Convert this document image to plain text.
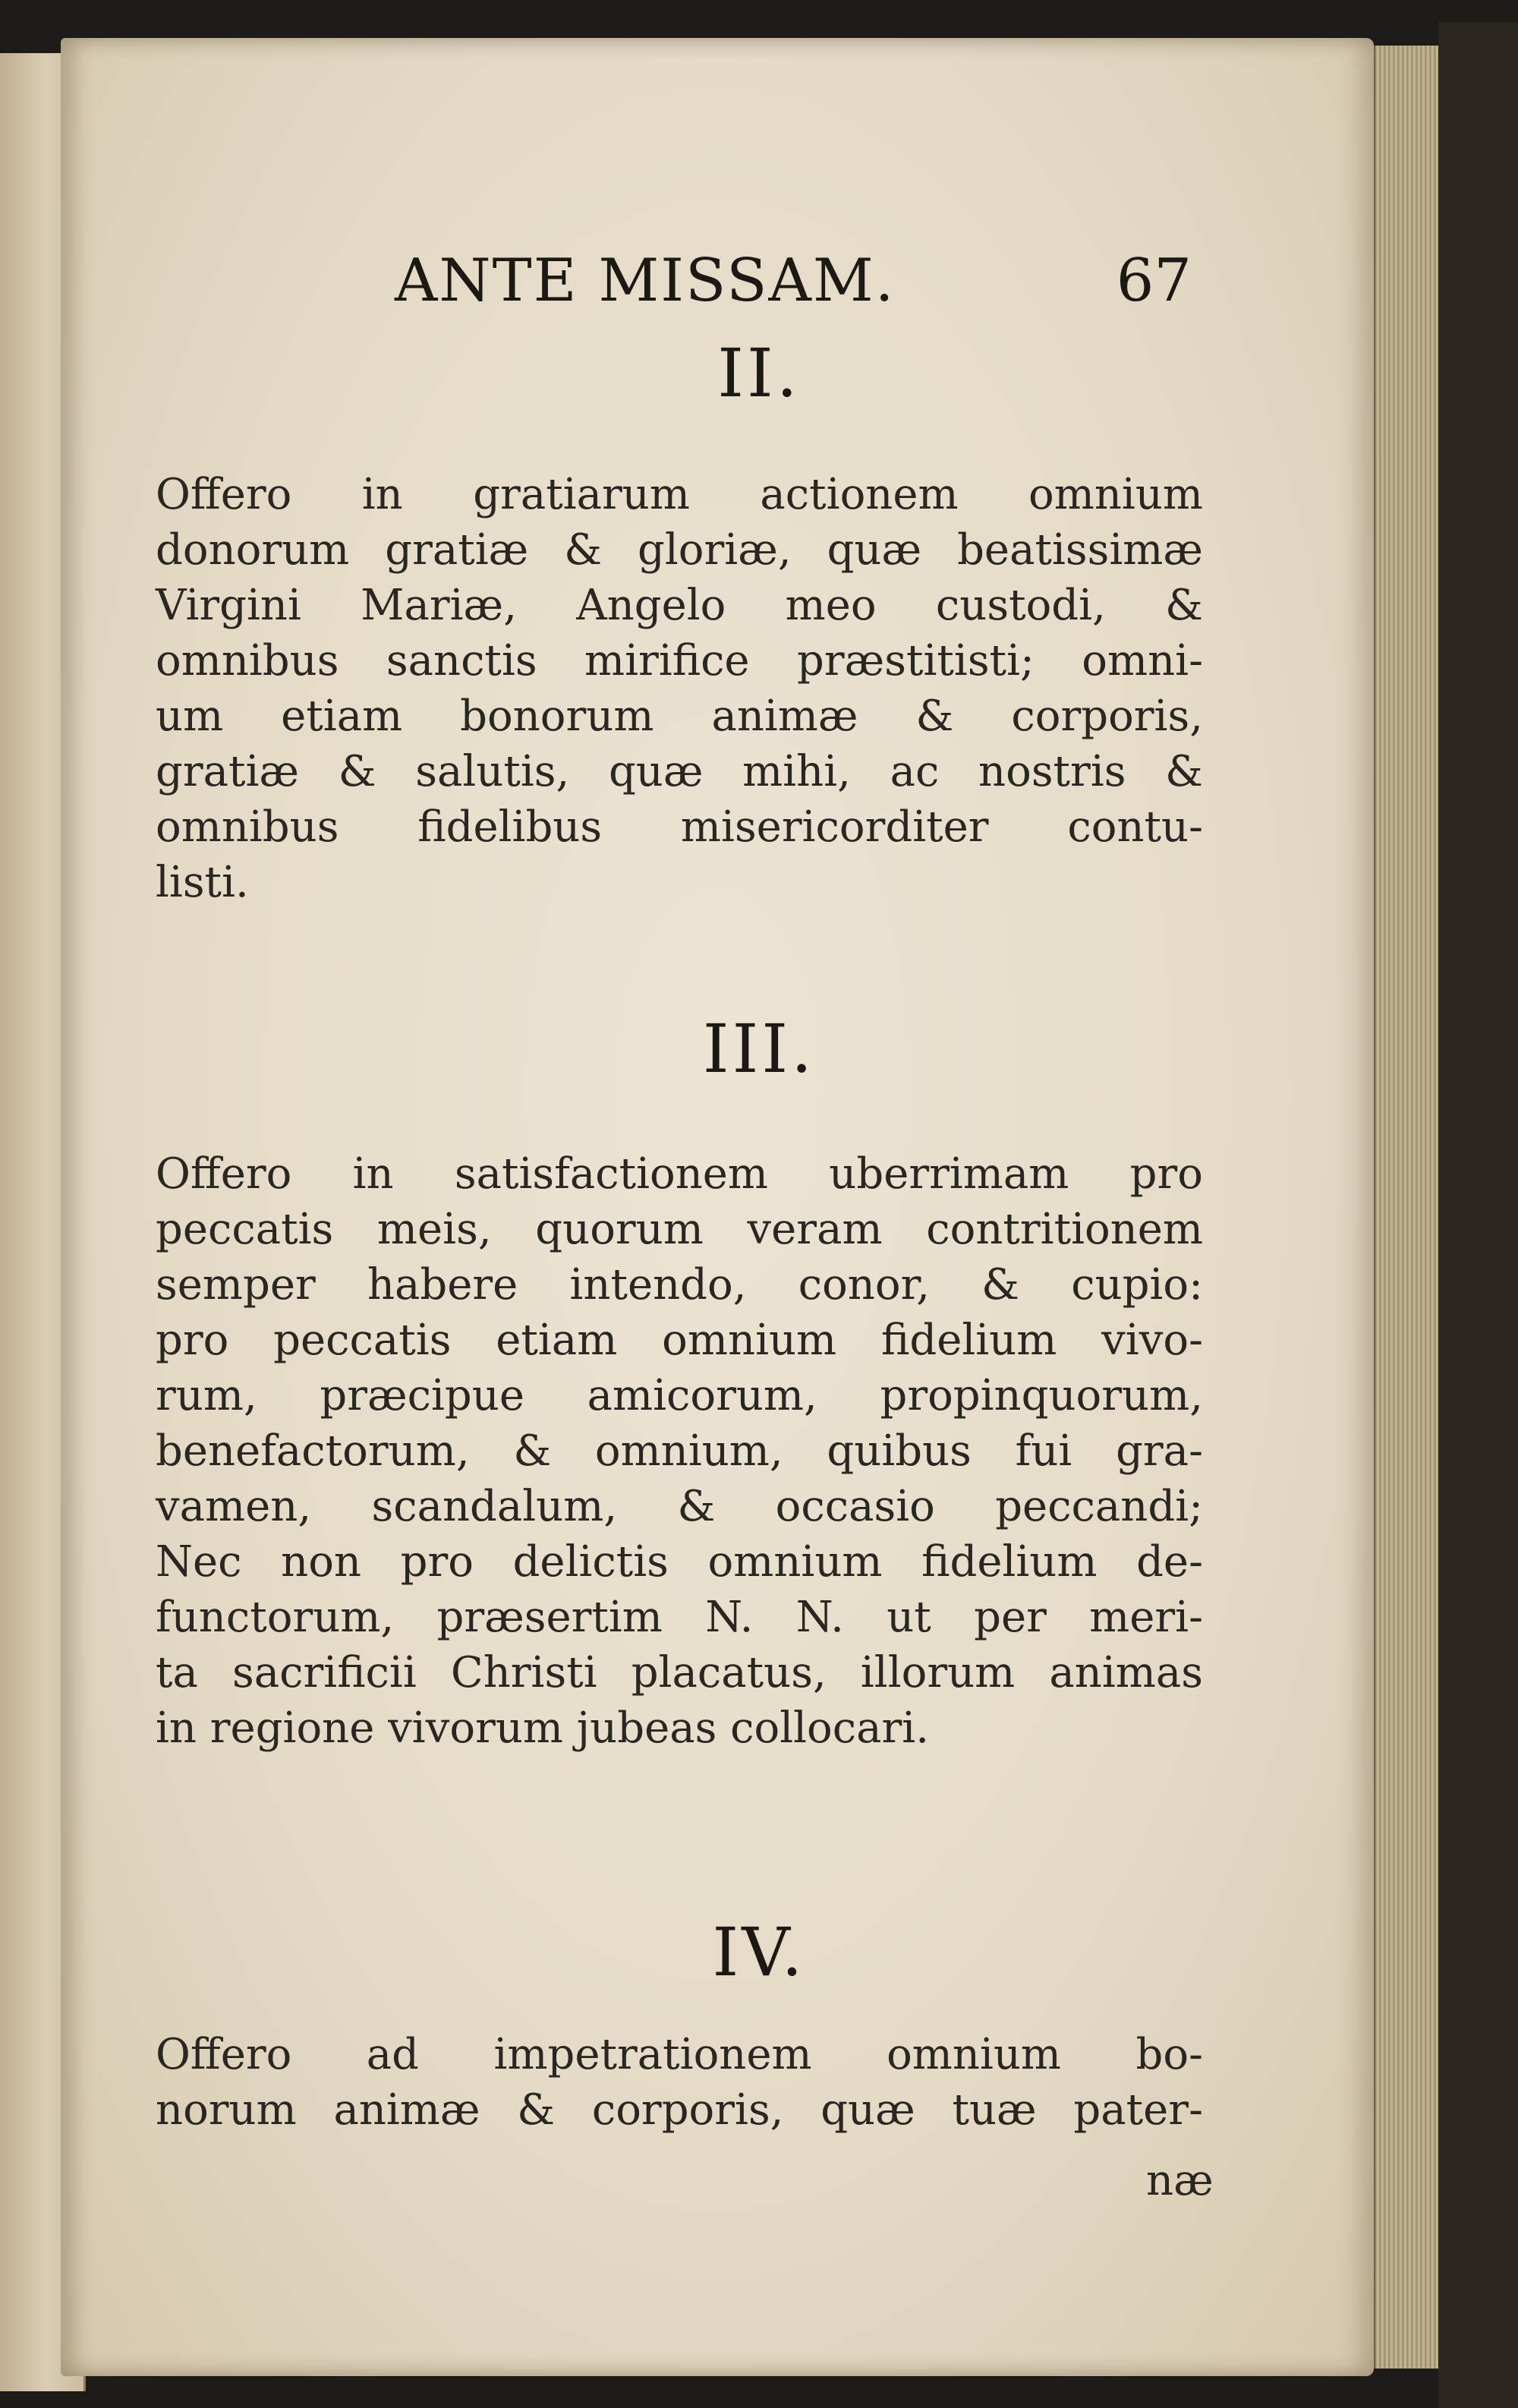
ANTE MISSAM.	67
II.

Offero in gratiarum actionem omnium
donorum gratiæ & gloriæ, quæ beatissimæ
Virgini Mariæ, Angelo meo custodi, &
omnibus sanctis mirifice præstitisti; omni-
um etiam bonorum animæ & corporis,
gratiæ & salutis, quæ mihi, ac nostris &
omnibus fidelibus misericorditer contu-
listi.

III.

Offero in satisfactionem uberrimam pro
peccatis meis, quorum veram contritionem
semper habere intendo, conor, & cupio:
pro peccatis etiam omnium fidelium vivo-
rum, præcipue amicorum, propinquorum,
benefactorum, & omnium, quibus fui gra-
vamen, scandalum, & occasio peccandi;
Nec non pro delictis omnium fidelium de-
functorum, præsertim N. N. ut per meri-
ta sacrificii Christi placatus, illorum animas
in regione vivorum jubeas collocari.

IV.

Offero ad impetrationem omnium bo-
norum animæ & corporis, quæ tuæ pater-

næ
